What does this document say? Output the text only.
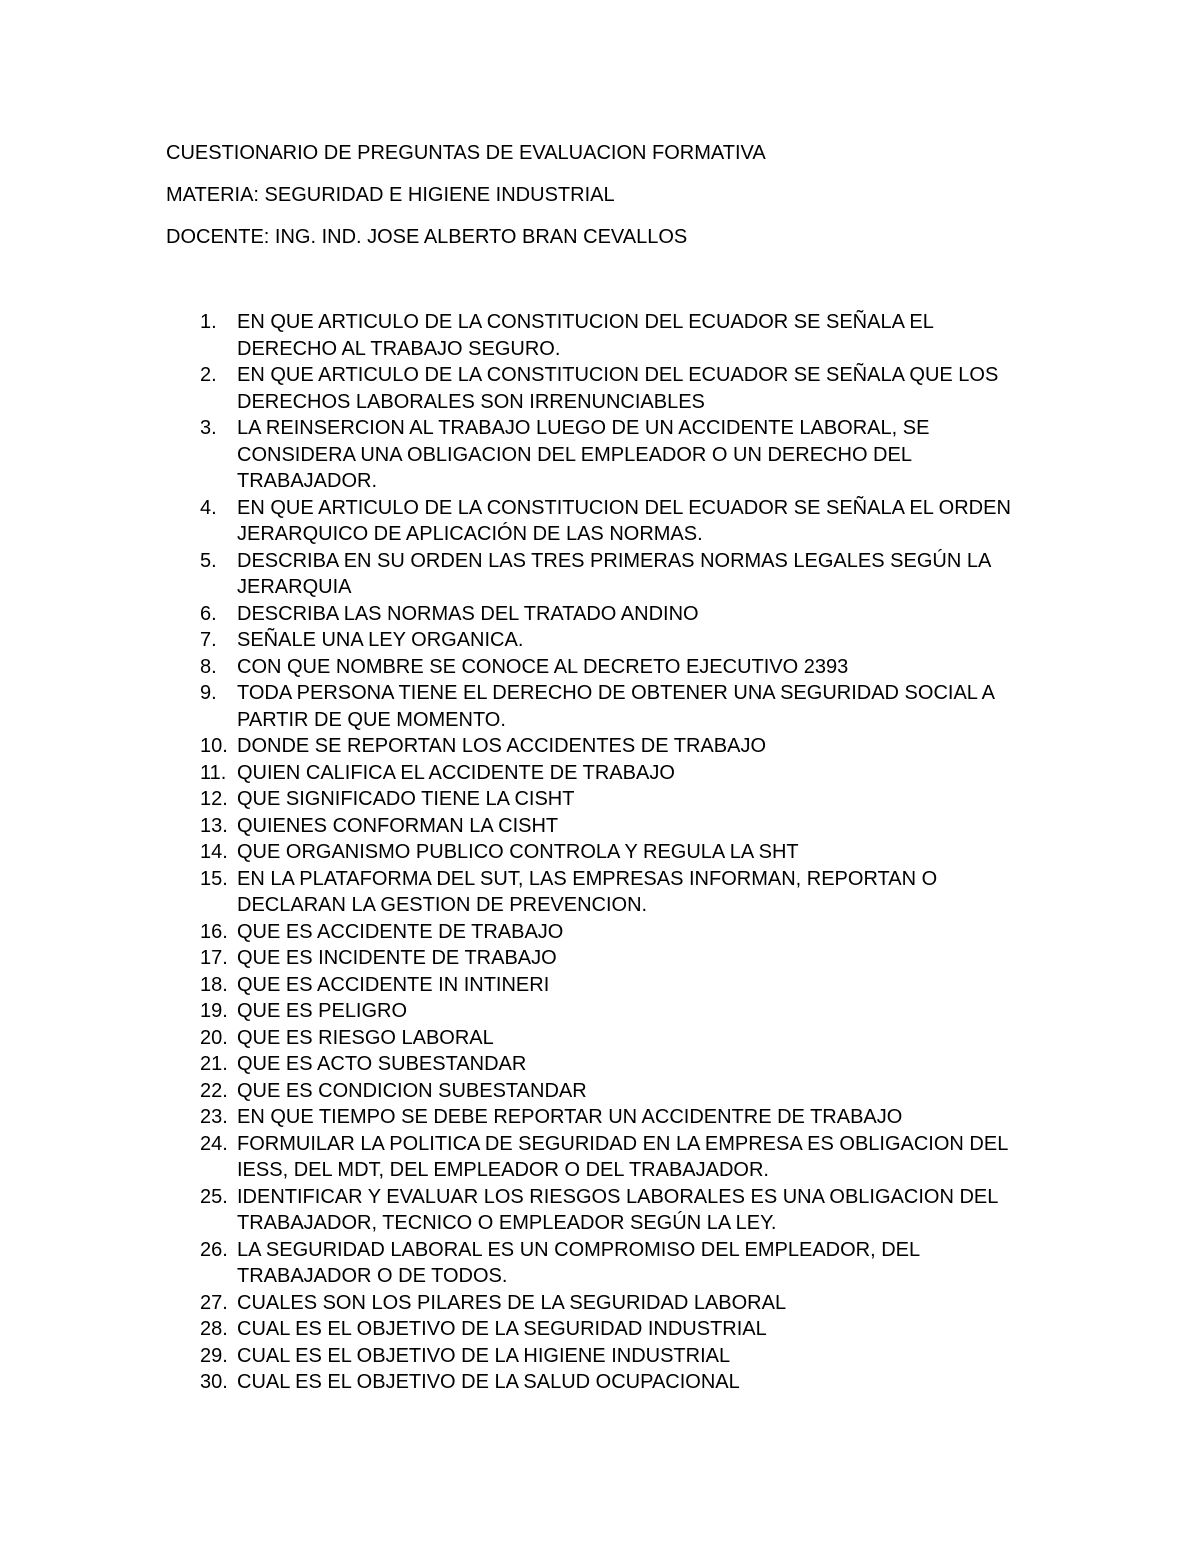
CUESTIONARIO DE PREGUNTAS DE EVALUACION FORMATIVA
MATERIA: SEGURIDAD E HIGIENE INDUSTRIAL
DOCENTE: ING. IND. JOSE ALBERTO BRAN CEVALLOS
1. EN QUE ARTICULO DE LA CONSTITUCION DEL ECUADOR SE SEÑALA EL DERECHO AL TRABAJO SEGURO.
2. EN QUE ARTICULO DE LA CONSTITUCION DEL ECUADOR SE SEÑALA QUE LOS DERECHOS LABORALES SON IRRENUNCIABLES
3. LA REINSERCION AL TRABAJO LUEGO DE UN ACCIDENTE LABORAL, SE CONSIDERA UNA OBLIGACION DEL EMPLEADOR O UN DERECHO DEL TRABAJADOR.
4. EN QUE ARTICULO DE LA CONSTITUCION DEL ECUADOR SE SEÑALA EL ORDEN JERARQUICO DE APLICACIÓN DE LAS NORMAS.
5. DESCRIBA EN SU ORDEN LAS TRES PRIMERAS NORMAS LEGALES SEGÚN LA JERARQUIA
6. DESCRIBA LAS NORMAS DEL TRATADO ANDINO
7. SEÑALE UNA LEY ORGANICA.
8. CON QUE NOMBRE SE CONOCE AL DECRETO EJECUTIVO 2393
9. TODA PERSONA TIENE EL DERECHO DE OBTENER UNA SEGURIDAD SOCIAL A PARTIR DE QUE MOMENTO.
10. DONDE SE REPORTAN LOS ACCIDENTES DE TRABAJO
11. QUIEN CALIFICA EL ACCIDENTE DE TRABAJO
12. QUE SIGNIFICADO TIENE LA CISHT
13. QUIENES CONFORMAN LA CISHT
14. QUE ORGANISMO PUBLICO CONTROLA Y REGULA LA SHT
15. EN LA PLATAFORMA DEL SUT, LAS EMPRESAS INFORMAN, REPORTAN O DECLARAN LA GESTION DE PREVENCION.
16. QUE ES ACCIDENTE DE TRABAJO
17. QUE ES INCIDENTE DE TRABAJO
18. QUE ES ACCIDENTE IN INTINERI
19. QUE ES PELIGRO
20. QUE ES RIESGO LABORAL
21. QUE ES ACTO SUBESTANDAR
22. QUE ES CONDICION SUBESTANDAR
23. EN QUE TIEMPO SE DEBE REPORTAR UN ACCIDENTRE DE TRABAJO
24. FORMUILAR LA POLITICA DE SEGURIDAD EN LA EMPRESA ES OBLIGACION DEL IESS, DEL MDT, DEL EMPLEADOR O DEL TRABAJADOR.
25. IDENTIFICAR Y EVALUAR LOS RIESGOS LABORALES ES UNA OBLIGACION DEL TRABAJADOR, TECNICO O EMPLEADOR SEGÚN LA LEY.
26. LA SEGURIDAD LABORAL ES UN COMPROMISO DEL EMPLEADOR, DEL TRABAJADOR O DE TODOS.
27. CUALES SON LOS PILARES DE LA SEGURIDAD LABORAL
28. CUAL ES EL OBJETIVO DE LA SEGURIDAD INDUSTRIAL
29. CUAL ES EL OBJETIVO DE LA HIGIENE INDUSTRIAL
30. CUAL ES EL OBJETIVO DE LA SALUD OCUPACIONAL
